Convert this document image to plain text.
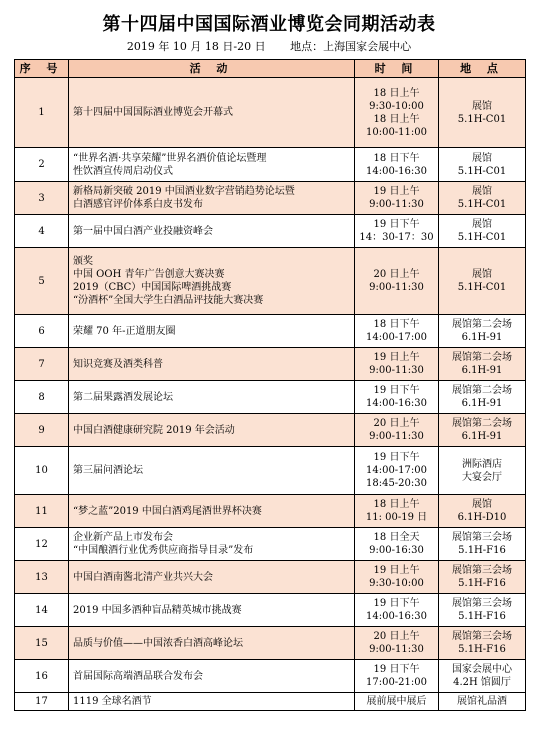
第十四届中国国际酒业博览会同期活动表
2019 年 10 月 18 日-20 日       地点：上海国家会展中心
序 号	活 动	时 间	地 点
1	第十四届中国国际酒业博览会开幕式	18 日上午
9:30-10:00
18 日上午
10:00-11:00	展馆
5.1H-C01

2	“世界名酒·共享荣耀”世界名酒价值论坛暨理
性饮酒宣传周启动仪式	18 日下午
14:00-16:30	展馆
5.1H-C01

3	新格局新突破 2019 中国酒业数字营销趋势论坛暨
白酒感官评价体系白皮书发布	19 日上午
9:00-11:30	展馆
5.1H-C01

4	第一届中国白酒产业投融资峰会	19 日下午
14：30-17：30	展馆
5.1H-C01

5	颁奖
中国 OOH 青年广告创意大赛决赛
2019（CBC）中国国际啤酒挑战赛
“汾酒杯”全国大学生白酒品评技能大赛决赛	20 日上午
9:00-11:30	展馆
5.1H-C01

6	荣耀 70 年-正道朋友圈	18 日下午
14:00-17:00	展馆第二会场
6.1H-91

7	知识竞赛及酒类科普	19 日上午
9:00-11:30	展馆第二会场
6.1H-91

8	第二届果露酒发展论坛	19 日下午
14:00-16:30	展馆第二会场
6.1H-91

9	中国白酒健康研究院 2019 年会活动	20 日上午
9:00-11:30	展馆第二会场
6.1H-91

10	第三届问酒论坛	19 日下午
14:00-17:00
18:45-20:30	洲际酒店
大宴会厅

11	“梦之蓝”2019 中国白酒鸡尾酒世界杯决赛	18 日上午
11: 00-19 日	展馆
6.1H-D10

12	企业新产品上市发布会
“中国酿酒行业优秀供应商指导目录”发布	18 日全天
9:00-16:30	展馆第三会场
5.1H-F16

13	中国白酒南酱北清产业共兴大会	19 日上午
9:30-10:00	展馆第三会场
5.1H-F16

14	2019 中国多酒种盲品精英城市挑战赛	19 日下午
14:00-16:30	展馆第三会场
5.1H-F16

15	品质与价值——中国浓香白酒高峰论坛	20 日上午
9:00-11:30	展馆第三会场
5.1H-F16

16	首届国际高端酒品联合发布会	19 日下午
17:00-21:00	国家会展中心
4.2H 馆圆厅

17	1119 全球名酒节	展前展中展后	展馆礼品酒
